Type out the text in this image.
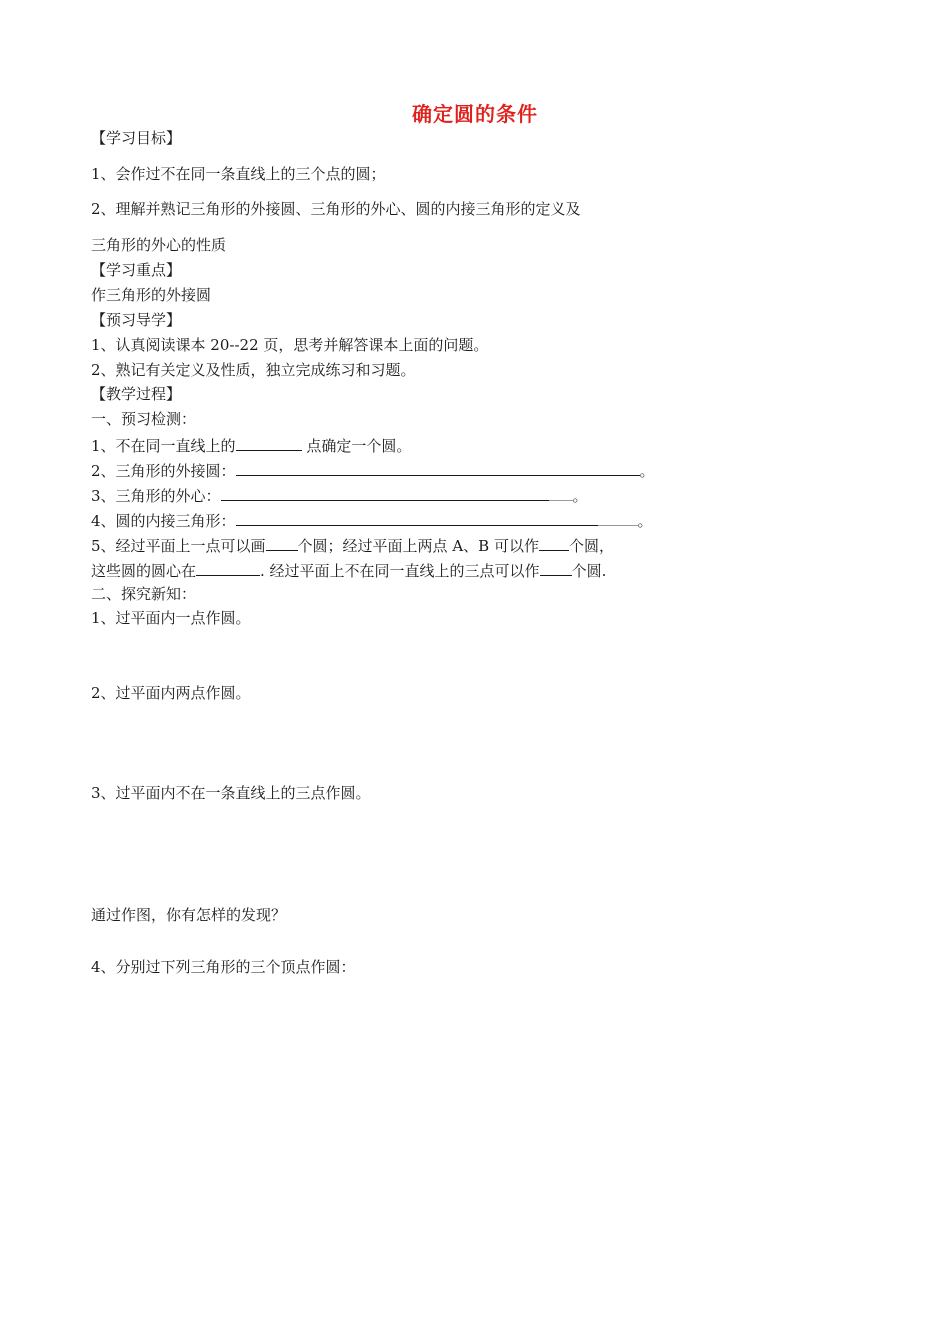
确定圆的条件
【学习目标】
1、会作过不在同一条直线上的三个点的圆；
2、理解并熟记三角形的外接圆、三角形的外心、圆的内接三角形的定义及
三角形的外心的性质
【学习重点】
作三角形的外接圆
【预习导学】
1、认真阅读课本 20--22 页，思考并解答课本上面的问题。
2、熟记有关定义及性质，独立完成练习和习题。
【教学过程】
一、预习检测：
1、不在同一直线上的	点确定一个圆。
2、三角形的外接圆：	。
3、三角形的外心：	。
4、圆的内接三角形：	。
5、经过平面上一点可以画 个圆；经过平面上两点 A、B 可以作 个圆，
这些圆的圆心在	. 经过平面上不在同一直线上的三点可以作 个圆.
二、探究新知：
1、过平面内一点作圆。
2、过平面内两点作圆。
3、过平面内不在一条直线上的三点作圆。
通过作图，你有怎样的发现？
4、分别过下列三角形的三个顶点作圆：
